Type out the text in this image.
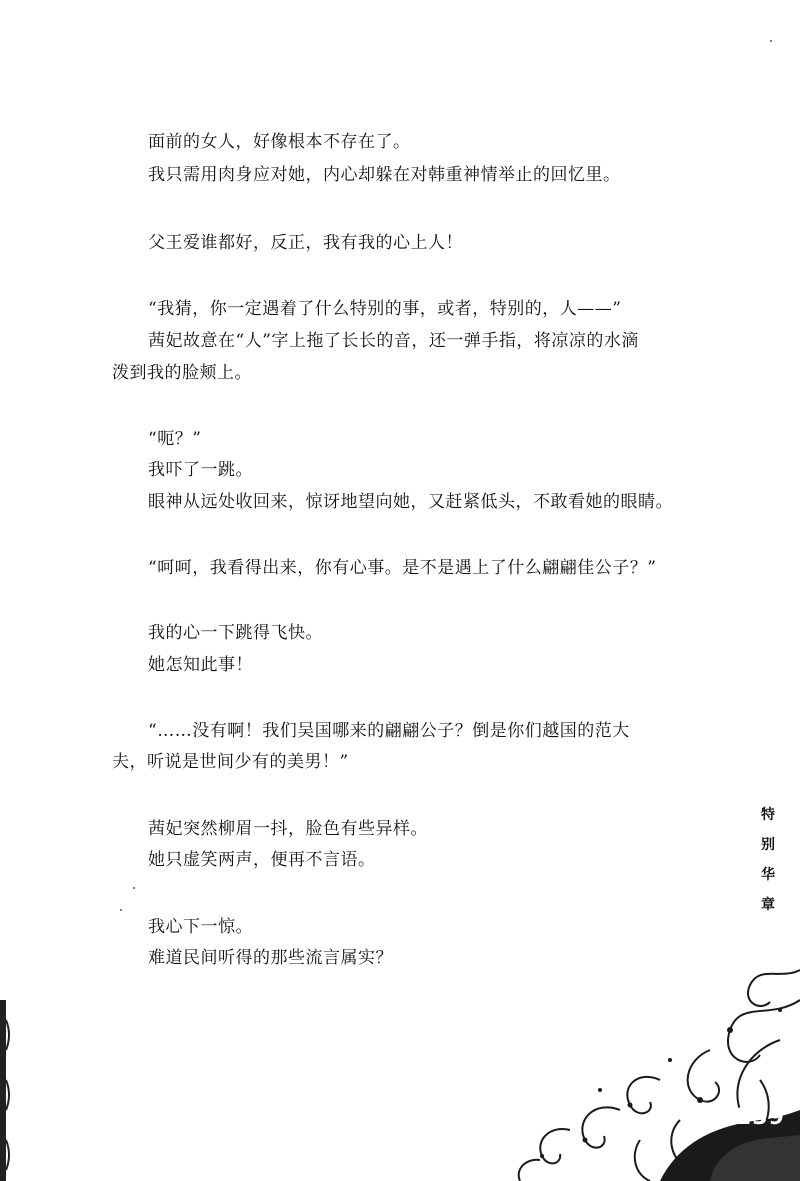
面前的女人，好像根本不存在了。
我只需用肉身应对她，内心却躲在对韩重神情举止的回忆里。
父王爱谁都好，反正，我有我的心上人！
“我猜，你一定遇着了什么特别的事，或者，特别的，人——”
茜妃故意在“人”字上拖了长长的音，还一弹手指，将凉凉的水滴
泼到我的脸颊上。
“呃？”
我吓了一跳。
眼神从远处收回来，惊讶地望向她，又赶紧低头，不敢看她的眼睛。
“呵呵，我看得出来，你有心事。是不是遇上了什么翩翩佳公子？”
我的心一下跳得飞快。
她怎知此事！
“……没有啊！我们吴国哪来的翩翩公子？倒是你们越国的范大
夫，听说是世间少有的美男！”
茜妃突然柳眉一抖，脸色有些异样。
她只虚笑两声，便再不言语。
我心下一惊。
难道民间听得的那些流言属实？
特
别
华
章
239
